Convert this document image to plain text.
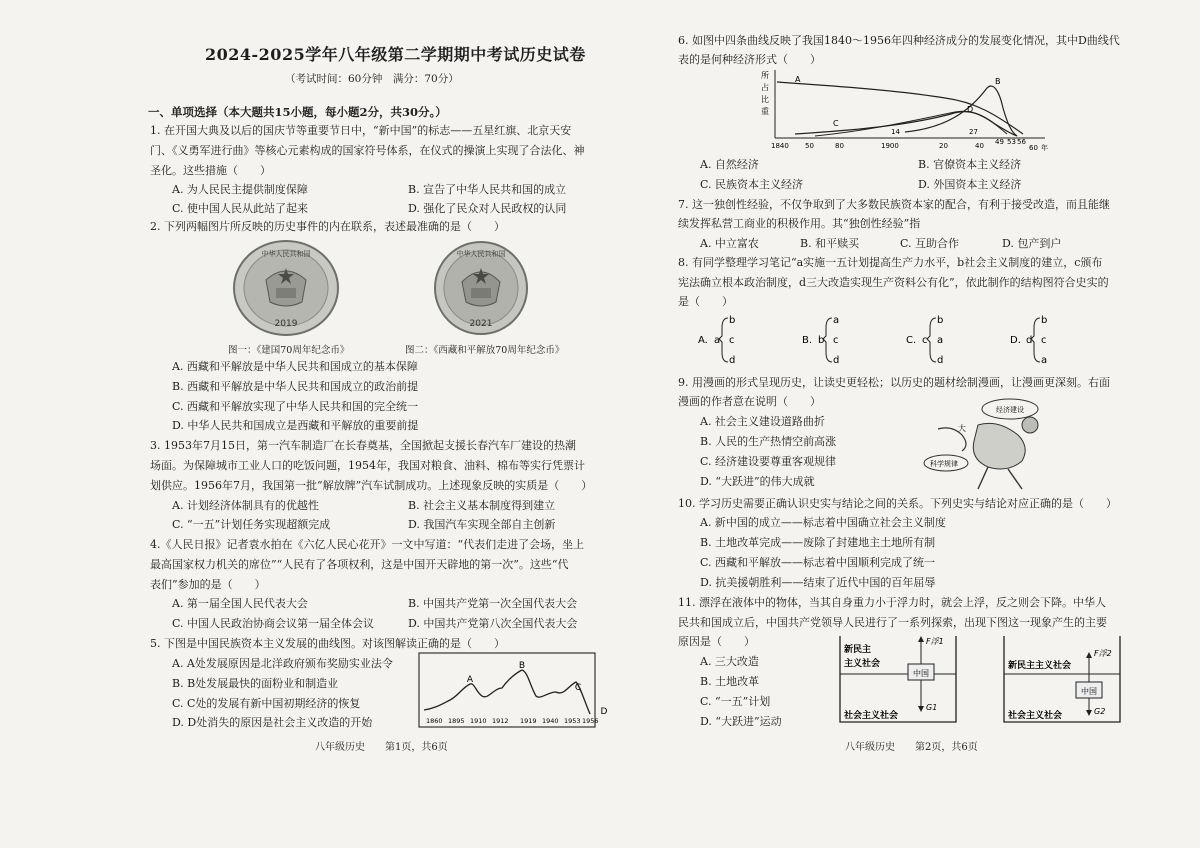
2024-2025学年八年级第二学期期中考试历史试卷
（考试时间：60分钟　满分：70分）
一、单项选择（本大题共15小题，每小题2分，共30分。）
1. 在开国大典及以后的国庆节等重要节日中，“新中国”的标志——五星红旗、北京天安
门、《义勇军进行曲》等核心元素构成的国家符号体系，在仪式的操演上实现了合法化、神
圣化。这些措施（　　）
A. 为人民民主提供制度保障	B. 宣告了中华人民共和国的成立
C. 使中国人民从此站了起来	D. 强化了民众对人民政权的认同
2. 下列两幅图片所反映的历史事件的内在联系，表述最准确的是（　　）
2019
中华人民共和国
2021
中华人民共和国
图一：《建国70周年纪念币》	图二：《西藏和平解放70周年纪念币》
A. 西藏和平解放是中华人民共和国成立的基本保障
B. 西藏和平解放是中华人民共和国成立的政治前提
C. 西藏和平解放实现了中华人民共和国的完全统一
D. 中华人民共和国成立是西藏和平解放的重要前提
3. 1953年7月15日，第一汽车制造厂在长春奠基，全国掀起支援长春汽车厂建设的热潮
场面。为保障城市工业人口的吃饭问题，1954年，我国对粮食、油料、棉布等实行凭票计
划供应。1956年7月，我国第一批“解放牌”汽车试制成功。上述现象反映的实质是（　　）
A. 计划经济体制具有的优越性	B. 社会主义基本制度得到建立
C. “一五”计划任务实现超额完成	D. 我国汽车实现全部自主创新
4.《人民日报》记者袁水拍在《六亿人民心花开》一文中写道：“代表们走进了会场，坐上
最高国家权力机关的席位”“人民有了各项权利，这是中国开天辟地的第一次”。这些“代
表们”参加的是（　　）
A. 第一届全国人民代表大会	B. 中国共产党第一次全国代表大会
C. 中国人民政治协商会议第一届全体会议	D. 中国共产党第八次全国代表大会
5. 下图是中国民族资本主义发展的曲线图。对该图解读正确的是（　　）
A. A处发展原因是北洋政府颁布奖励实业法令
B. B处发展最快的面粉业和制造业
C. C处的发展有新中国初期经济的恢复
D. D处消失的原因是社会主义改造的开始
A
B
C
D
1860 1895 1910 1912 1919 1940 1953 1956
八年级历史　　第1页，共6页
6. 如图中四条曲线反映了我国1840～1956年四种经济成分的发展变化情况，其中D曲线代
表的是何种经济形式（　　）
所
占
比
重
A	B
C
D
14	27
1840 50	80	1900	20	40 49 53 56
60 年
A. 自然经济	B. 官僚资本主义经济
C. 民族资本主义经济	D. 外国资本主义经济
7. 这一独创性经验，不仅争取到了大多数民族资本家的配合，有利于接受改造，而且能继
续发挥私营工商业的积极作用。其“独创性经验”指
A. 中立富农	B. 和平赎买	C. 互助合作	D. 包产到户
8. 有同学整理学习笔记“a实施一五计划提高生产力水平，b社会主义制度的建立，c颁布
宪法确立根本政治制度，d三大改造实现生产资料公有化”，依此制作的结构图符合史实的
是（　　）
A. a
b
c
d
B. b
a
c
d
C. c
b
a
d
D. d
b
c
a
9. 用漫画的形式呈现历史，让读史更轻松；以历史的题材绘制漫画，让漫画更深刻。右面
漫画的作者意在说明（　　）
A. 社会主义建设道路曲折
B. 人民的生产热情空前高涨
C. 经济建设要尊重客观规律
D. “大跃进”的伟大成就
经济建设
大
科学规律
10. 学习历史需要正确认识史实与结论之间的关系。下列史实与结论对应正确的是（　　）
A. 新中国的成立——标志着中国确立社会主义制度
B. 土地改革完成——废除了封建地主土地所有制
C. 西藏和平解放——标志着中国顺利完成了统一
D. 抗美援朝胜利——结束了近代中国的百年屈辱
11. 漂浮在液体中的物体，当其自身重力小于浮力时，就会上浮，反之则会下降。中华人
民共和国成立后，中国共产党领导人民进行了一系列探索，出现下图这一现象产生的主要
原因是（　　）
A. 三大改造
B. 土地改革
C. “一五”计划
D. “大跃进”运动
新民主
主义社会
中国
F浮1
G1
社会主义社会
新民主主义社会
中国
F浮2
G2
社会主义社会
八年级历史　　第2页，共6页
